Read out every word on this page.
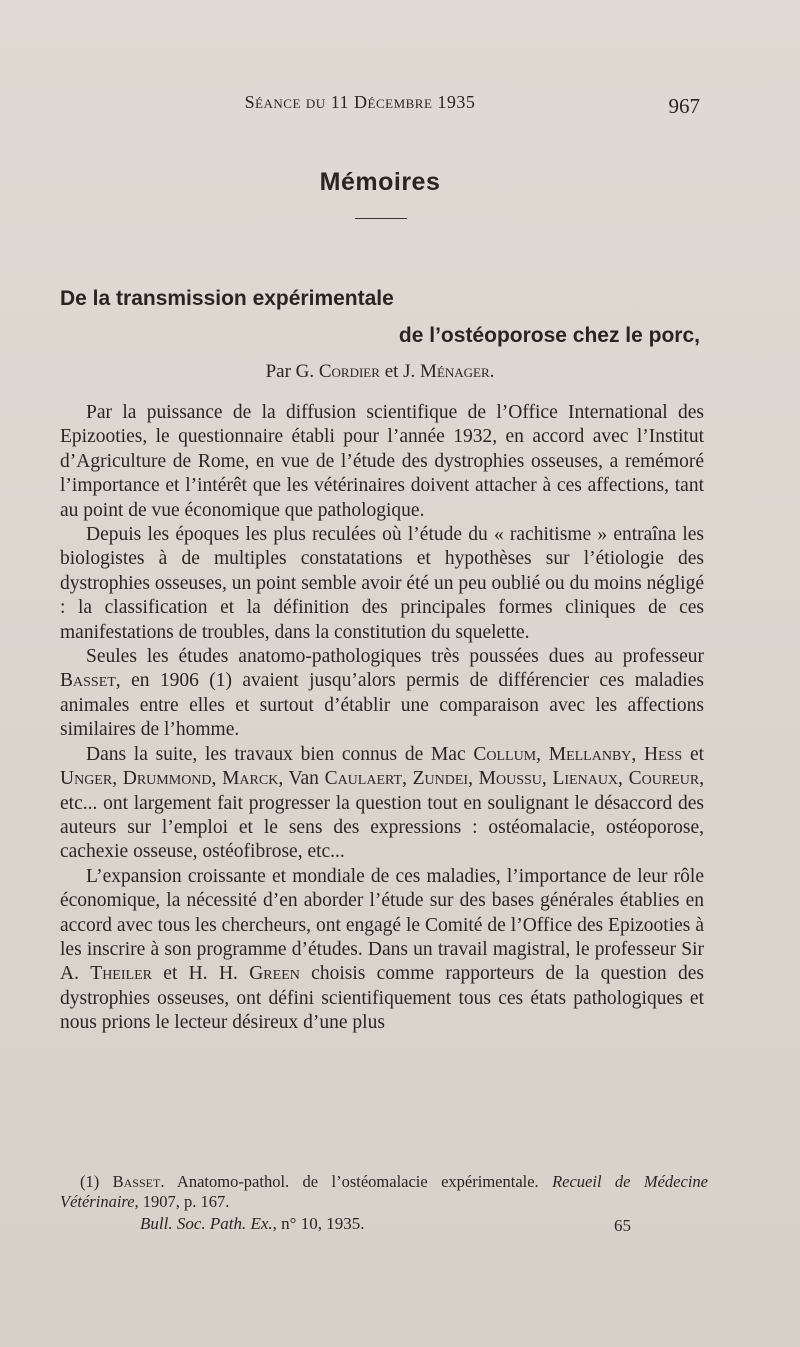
Séance du 11 Décembre 1935	967
Mémoires
De la transmission expérimentale
de l’ostéoporose chez le porc,
Par G. Cordier et J. Ménager.

Par la puissance de la diffusion scientifique de l’Office International des Epizooties, le questionnaire établi pour l’année 1932, en accord avec l’Institut d’Agriculture de Rome, en vue de l’étude des dystrophies osseuses, a remémoré l’importance et l’intérêt que les vétérinaires doivent attacher à ces affections, tant au point de vue économique que pathologique.

Depuis les époques les plus reculées où l’étude du « rachitisme » entraîna les biologistes à de multiples constatations et hypothèses sur l’étiologie des dystrophies osseuses, un point semble avoir été un peu oublié ou du moins négligé : la classification et la définition des principales formes cliniques de ces manifestations de troubles, dans la constitution du squelette.

Seules les études anatomo-pathologiques très poussées dues au professeur Basset, en 1906 (1) avaient jusqu’alors permis de différencier ces maladies animales entre elles et surtout d’établir une comparaison avec les affections similaires de l’homme.

Dans la suite, les travaux bien connus de Mac Collum, Mellanby, Hess et Unger, Drummond, Marck, Van Caulaert, Zundei, Moussu, Lienaux, Coureur, etc... ont largement fait progresser la question tout en soulignant le désaccord des auteurs sur l’emploi et le sens des expressions : ostéomalacie, ostéoporose, cachexie osseuse, ostéofibrose, etc...

L’expansion croissante et mondiale de ces maladies, l’importance de leur rôle économique, la nécessité d’en aborder l’étude sur des bases générales établies en accord avec tous les chercheurs, ont engagé le Comité de l’Office des Epizooties à les inscrire à son programme d’études. Dans un travail magistral, le professeur Sir A. Theiler et H. H. Green choisis comme rapporteurs de la question des dystrophies osseuses, ont défini scientifiquement tous ces états pathologiques et nous prions le lecteur désireux d’une plus

(1) Basset. Anatomo-pathol. de l’ostéomalacie expérimentale. Recueil de Médecine Vétérinaire, 1907, p. 167.

Bull. Soc. Path. Ex., n° 10, 1935.	65
